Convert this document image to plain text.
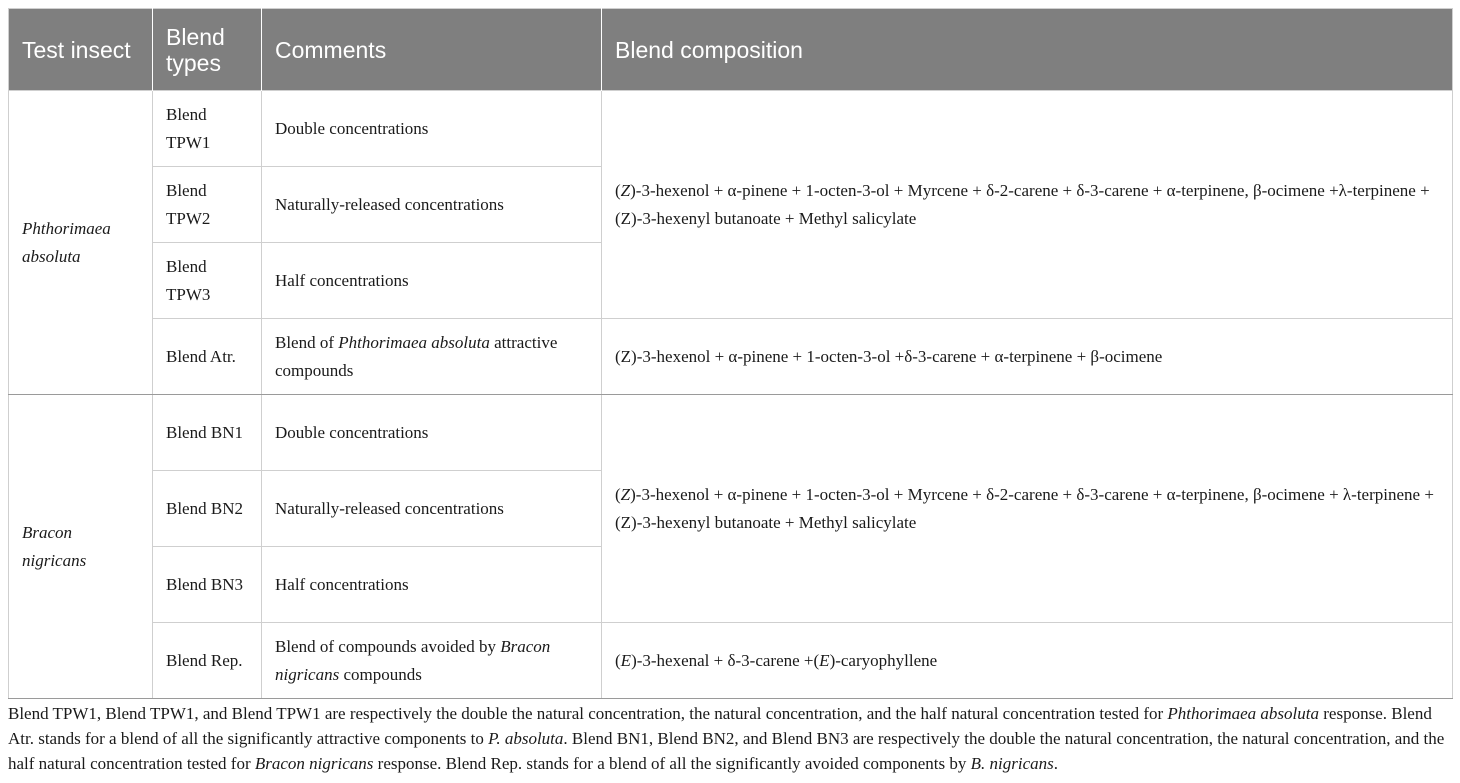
Test insect	Blend types	Comments	Blend composition
Phthorimaea absoluta	Blend TPW1	Double concentrations	(Z)-3-hexenol + α-pinene + 1-octen-3-ol + Myrcene + δ-2-carene + δ-3-carene + α-terpinene, β-ocimene +λ-terpinene + (Z)-3-hexenyl butanoate + Methyl salicylate
	Blend TPW2	Naturally-released concentrations	
	Blend TPW3	Half concentrations	
	Blend Atr.	Blend of Phthorimaea absoluta attractive compounds	(Z)-3-hexenol + α-pinene + 1-octen-3-ol +δ-3-carene + α-terpinene + β-ocimene
Bracon nigricans	Blend BN1	Double concentrations	(Z)-3-hexenol + α-pinene + 1-octen-3-ol + Myrcene + δ-2-carene + δ-3-carene + α-terpinene, β-ocimene + λ-terpinene + (Z)-3-hexenyl butanoate + Methyl salicylate
	Blend BN2	Naturally-released concentrations	
	Blend BN3	Half concentrations	
	Blend Rep.	Blend of compounds avoided by Bracon nigricans compounds	(E)-3-hexenal + δ-3-carene +(E)-caryophyllene
Blend TPW1, Blend TPW1, and Blend TPW1 are respectively the double the natural concentration, the natural concentration, and the half natural concentration tested for Phthorimaea absoluta response. Blend Atr. stands for a blend of all the significantly attractive components to P. absoluta. Blend BN1, Blend BN2, and Blend BN3 are respectively the double the natural concentration, the natural concentration, and the half natural concentration tested for Bracon nigricans response. Blend Rep. stands for a blend of all the significantly avoided components by B. nigricans.
